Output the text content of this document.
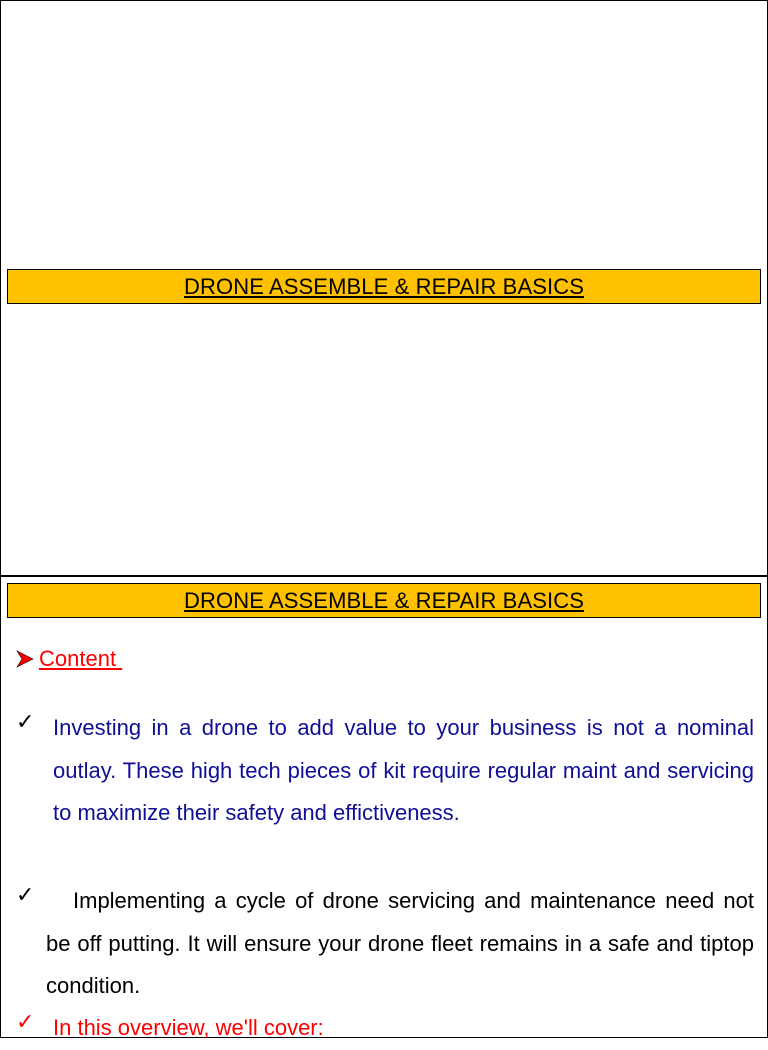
DRONE ASSEMBLE & REPAIR BASICS
DRONE ASSEMBLE & REPAIR BASICS
Content
✓ Investing in a drone to add value to your business is not a nominal outlay. These high tech pieces of kit require regular maint and servicing to maximize their safety and effictiveness.

✓	Implementing a cycle of drone servicing and maintenance need not be off putting. It will ensure your drone fleet remains in a safe and tiptop condition.

✓ In this overview, we'll cover:
